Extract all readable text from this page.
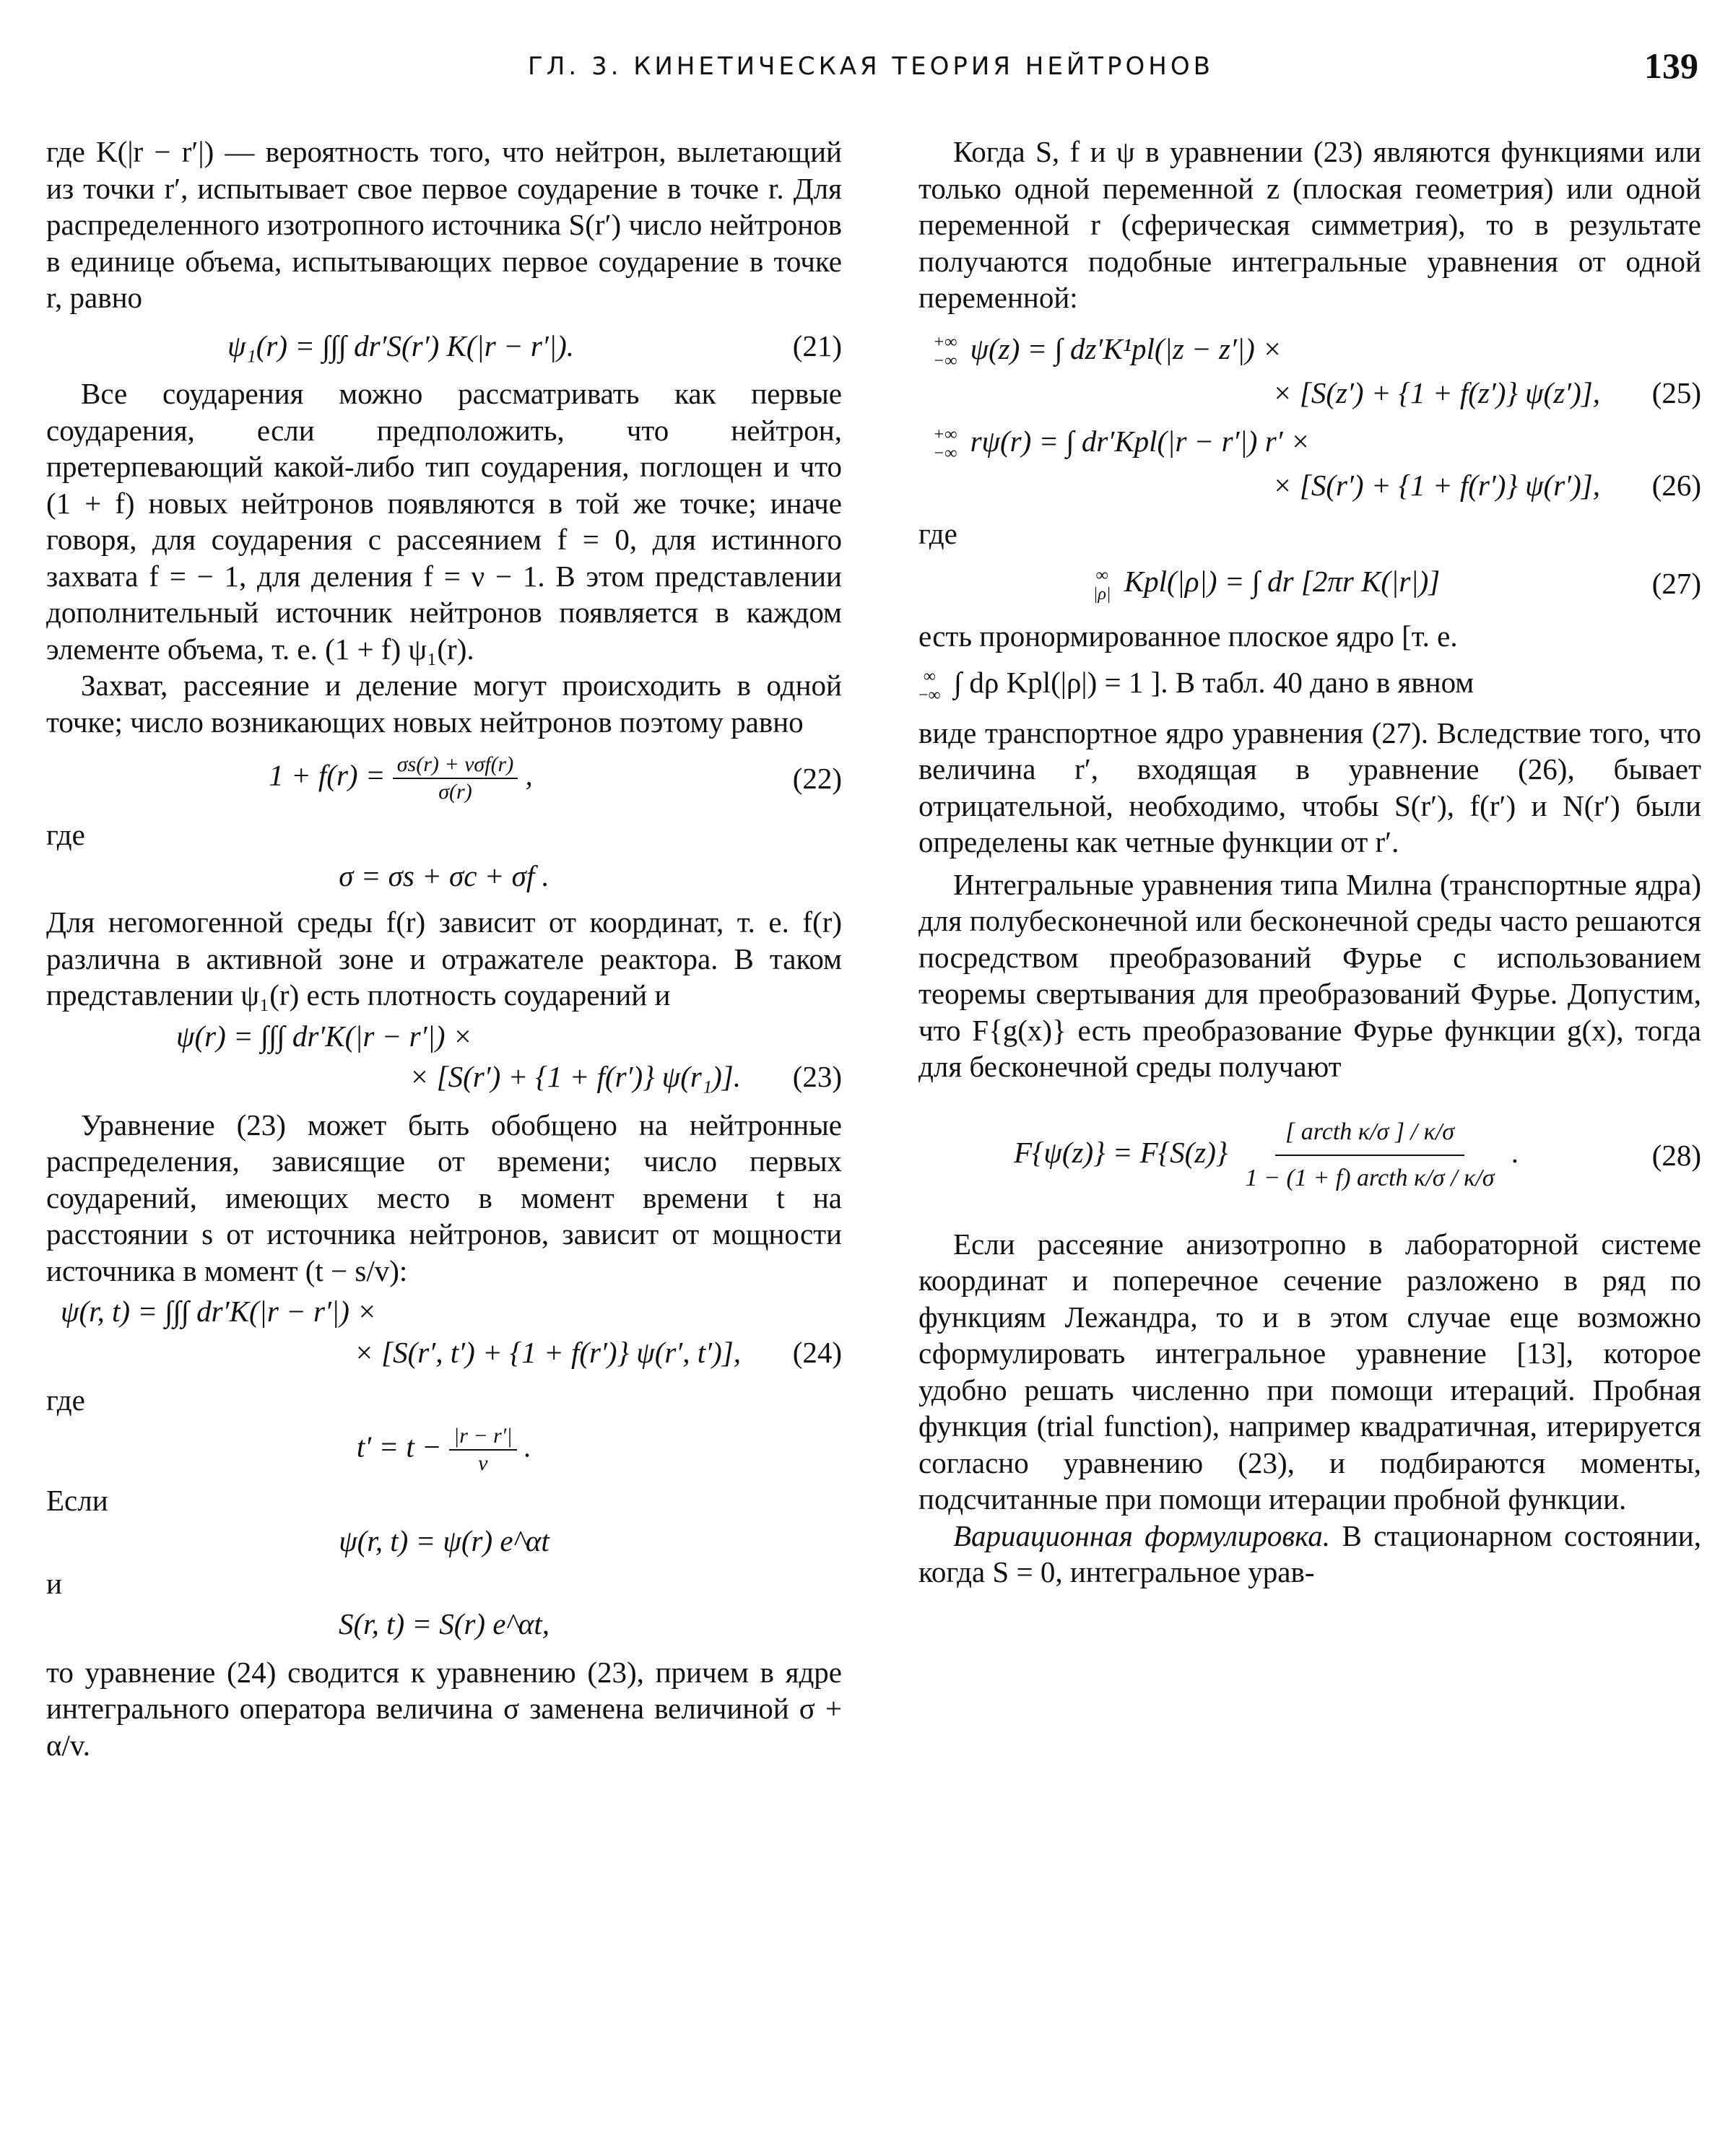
ГЛ. 3. КИНЕТИЧЕСКАЯ ТЕОРИЯ НЕЙТРОНОВ	139

где K(|r − r′|) — вероятность того, что нейтрон, вылетающий из точки r′, испытывает свое первое соударение в точке r. Для распределенного изотропного источника S(r′) число нейтронов в единице объема, испытывающих первое соударение в точке r, равно

ψ₁(r) = ∫∫∫ dr′S(r′) K(|r − r′|).	(21)

Все соударения можно рассматривать как первые соударения, если предположить, что нейтрон, претерпевающий какой-либо тип соударения, поглощен и что (1 + f) новых нейтронов появляются в той же точке; иначе говоря, для соударения с рассеянием f = 0, для истинного захвата f = − 1, для деления f = ν − 1. В этом представлении дополнительный источник нейтронов появляется в каждом элементе объема, т. е. (1 + f) ψ₁(r).

Захват, рассеяние и деление могут происходить в одной точке; число возникающих новых нейтронов поэтому равно

$1 + f(r) = \frac{\text{σs(r) + νσf(r)}}{\sigma(r)}$ ,	(22)
где
σ = σs + σc + σf .

Для негомогенной среды f(r) зависит от координат, т. е. f(r) различна в активной зоне и отражателе реактора. В таком представлении ψ₁(r) есть плотность соударений и

ψ(r) = ∫∫∫ dr′K(|r − r′|) ×
× [S(r′) + {1 + f(r′)} ψ(r₁)].	(23)

Уравнение (23) может быть обобщено на нейтронные распределения, зависящие от времени; число первых соударений, имеющих место в момент времени t на расстоянии s от источника нейтронов, зависит от мощности источника в момент (t − s/v):

ψ(r, t) = ∫∫∫ dr′K(|r − r′|) ×
× [S(r′, t′) + {1 + f(r′)} ψ(r′, t′)],	(24)
где
$t' = t - \frac{|r - r'|}{v}$ .
Если
ψ(r, t) = ψ(r) e^αt
и
S(r, t) = S(r) e^αt,

то уравнение (24) сводится к уравнению (23), причем в ядре интегрального оператора величина σ заменена величиной σ + α/v.

Когда S, f и ψ в уравнении (23) являются функциями или только одной переменной z (плоская геометрия) или одной переменной r (сферическая симметрия), то в результате получаются подобные интегральные уравнения от одной переменной:

+∞
−∞ ψ(z) = ∫ dz′K¹pl(|z − z′|) ×
× [S(z′) + {1 + f(z′)} ψ(z′)],	(25)
+∞
−∞ rψ(r) = ∫ dr′Kpl(|r − r′|) r′ ×
× [S(r′) + {1 + f(r′)} ψ(r′)],	(26)
где
∞
|ρ| Kpl(|ρ|) = ∫ dr [2πr K(|r|)]	(27)

есть пронормированное плоское ядро [т. е.

∞
−∞ ∫ dρ Kpl(|ρ|) = 1 ]. В табл. 40 дано в явном

виде транспортное ядро уравнения (27). Вследствие того, что величина r′, входящая в уравнение (26), бывает отрицательной, необходимо, чтобы S(r′), f(r′) и N(r′) были определены как четные функции от r′.

Интегральные уравнения типа Милна (транспортные ядра) для полубесконечной или бесконечной среды часто решаются посредством преобразований Фурье с использованием теоремы свертывания для преобразований Фурье. Допустим, что F{g(x)} есть преобразование Фурье функции g(x), тогда для бесконечной среды получают

$F\{\psi(z)\} = F\{S(z)\} \frac{\text{[ arcth κ/σ ] / κ/σ}}{\text{1 − (1 + f) arcth κ/σ / κ/σ}}$ .	(28)

Если рассеяние анизотропно в лабораторной системе координат и поперечное сечение разложено в ряд по функциям Лежандра, то и в этом случае еще возможно сформулировать интегральное уравнение [13], которое удобно решать численно при помощи итераций. Пробная функция (trial function), например квадратичная, итерируется согласно уравнению (23), и подбираются моменты, подсчитанные при помощи итерации пробной функции.

Вариационная формулировка. В стационарном состоянии, когда S = 0, интегральное урав-
